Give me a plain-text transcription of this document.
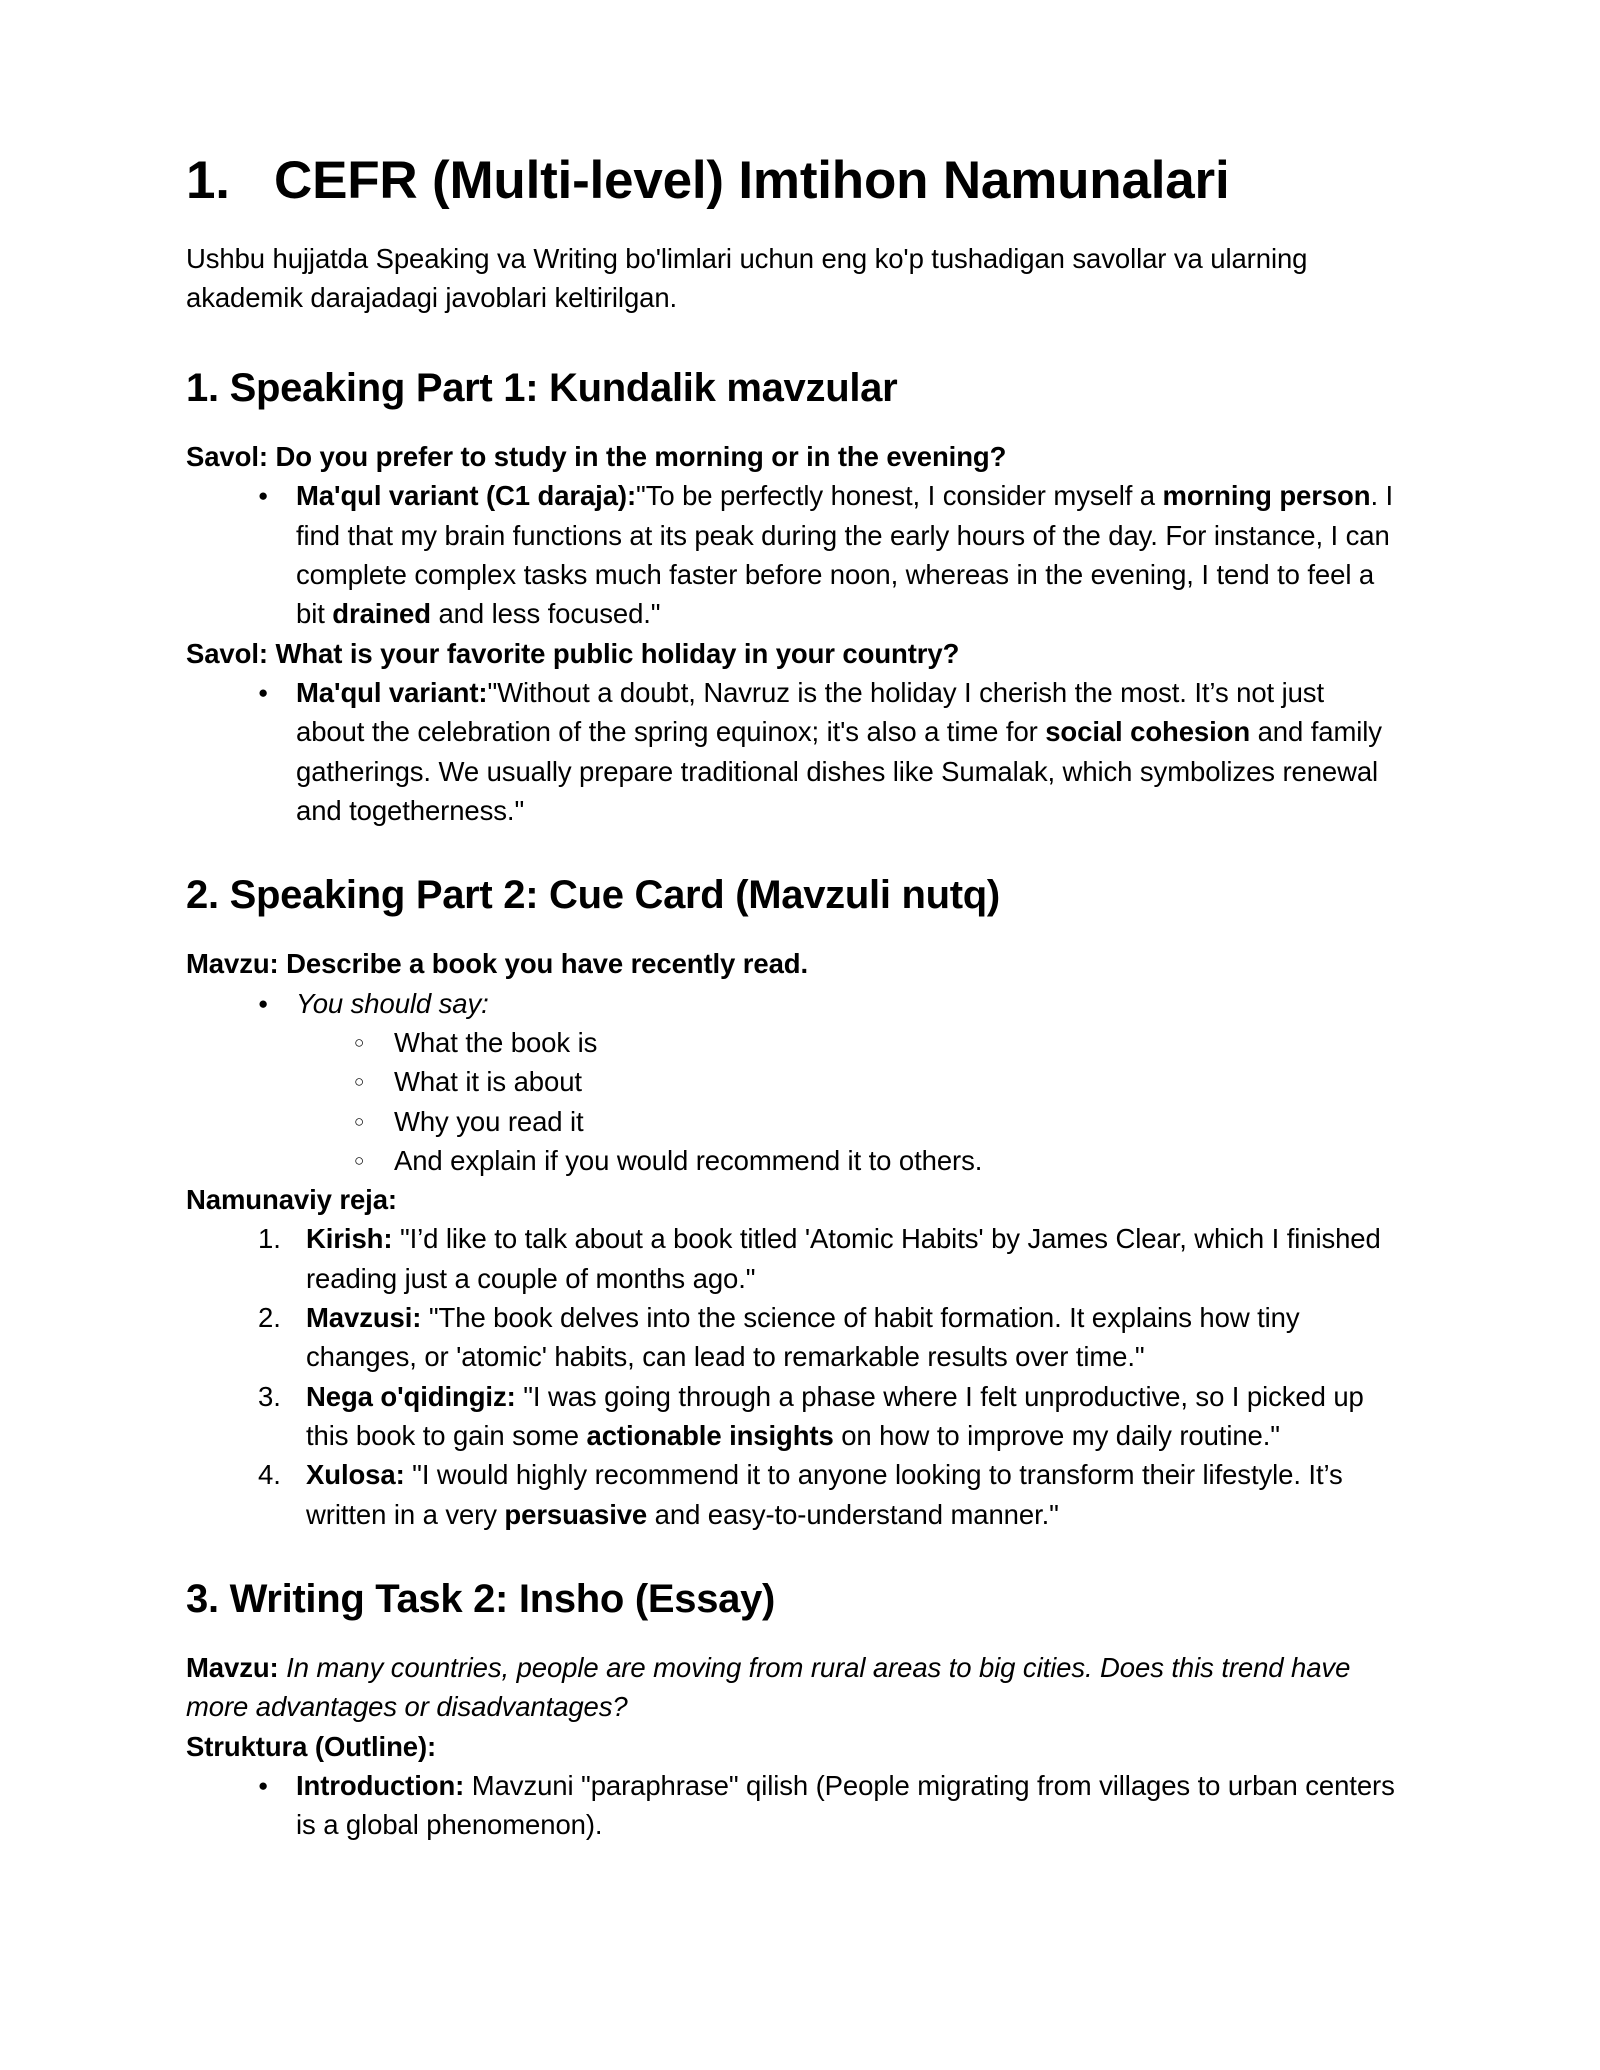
1. CEFR (Multi-level) Imtihon Namunalari

Ushbu hujjatda Speaking va Writing bo'limlari uchun eng ko'p tushadigan savollar va ularning akademik darajadagi javoblari keltirilgan.

1. Speaking Part 1: Kundalik mavzular

Savol: Do you prefer to study in the morning or in the evening?

● Ma'qul variant (C1 daraja):"To be perfectly honest, I consider myself a morning person. I find that my brain functions at its peak during the early hours of the day. For instance, I can complete complex tasks much faster before noon, whereas in the evening, I tend to feel a bit drained and less focused."

Savol: What is your favorite public holiday in your country?

● Ma'qul variant:"Without a doubt, Navruz is the holiday I cherish the most. It’s not just about the celebration of the spring equinox; it's also a time for social cohesion and family gatherings. We usually prepare traditional dishes like Sumalak, which symbolizes renewal and togetherness."
2. Speaking Part 2: Cue Card (Mavzuli nutq)

Mavzu: Describe a book you have recently read.

● You should say:
○ What the book is
○ What it is about
○ Why you read it
○ And explain if you would recommend it to others.

Namunaviy reja:

Kirish: "I’d like to talk about a book titled 'Atomic Habits' by James Clear, which I finished reading just a couple of months ago."
Mavzusi: "The book delves into the science of habit formation. It explains how tiny changes, or 'atomic' habits, can lead to remarkable results over time."
Nega o'qidingiz: "I was going through a phase where I felt unproductive, so I picked up this book to gain some actionable insights on how to improve my daily routine."
Xulosa: "I would highly recommend it to anyone looking to transform their lifestyle. It’s written in a very persuasive and easy-to-understand manner."
3. Writing Task 2: Insho (Essay)

Mavzu: In many countries, people are moving from rural areas to big cities. Does this trend have more advantages or disadvantages?

Struktura (Outline):

● Introduction: Mavzuni "paraphrase" qilish (People migrating from villages to urban centers is a global phenomenon).
